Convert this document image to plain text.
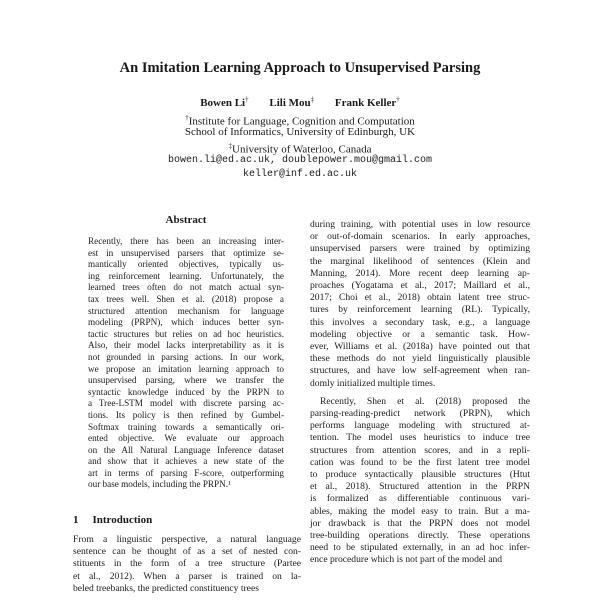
An Imitation Learning Approach to Unsupervised Parsing
Bowen Li† Lili Mou‡ Frank Keller†
†Institute for Language, Cognition and Computation
School of Informatics, University of Edinburgh, UK
‡University of Waterloo, Canada
bowen.li@ed.ac.uk, doublepower.mou@gmail.com
keller@inf.ed.ac.uk
Abstract
Recently, there has been an increasing inter-
est in unsupervised parsers that optimize se-
mantically oriented objectives, typically us-
ing reinforcement learning. Unfortunately, the
learned trees often do not match actual syn-
tax trees well. Shen et al. (2018) propose a
structured attention mechanism for language
modeling (PRPN), which induces better syn-
tactic structures but relies on ad hoc heuristics.
Also, their model lacks interpretability as it is
not grounded in parsing actions. In our work,
we propose an imitation learning approach to
unsupervised parsing, where we transfer the
syntactic knowledge induced by the PRPN to
a Tree-LSTM model with discrete parsing ac-
tions. Its policy is then refined by Gumbel-
Softmax training towards a semantically ori-
ented objective. We evaluate our approach
on the All Natural Language Inference dataset
and show that it achieves a new state of the
art in terms of parsing F-score, outperforming
our base models, including the PRPN.¹
1 Introduction
From a linguistic perspective, a natural language
sentence can be thought of as a set of nested con-
stituents in the form of a tree structure (Partee
et al., 2012). When a parser is trained on la-
beled treebanks, the predicted constituency trees
during training, with potential uses in low resource
or out-of-domain scenarios. In early approaches,
unsupervised parsers were trained by optimizing
the marginal likelihood of sentences (Klein and
Manning, 2014). More recent deep learning ap-
proaches (Yogatama et al., 2017; Maillard et al.,
2017; Choi et al., 2018) obtain latent tree struc-
tures by reinforcement learning (RL). Typically,
this involves a secondary task, e.g., a language
modeling objective or a semantic task. How-
ever, Williams et al. (2018a) have pointed out that
these methods do not yield linguistically plausible
structures, and have low self-agreement when ran-
domly initialized multiple times.
Recently, Shen et al. (2018) proposed the
parsing-reading-predict network (PRPN), which
performs language modeling with structured at-
tention. The model uses heuristics to induce tree
structures from attention scores, and in a repli-
cation was found to be the first latent tree model
to produce syntactically plausible structures (Htut
et al., 2018). Structured attention in the PRPN
is formalized as differentiable continuous vari-
ables, making the model easy to train. But a ma-
jor drawback is that the PRPN does not model
tree-building operations directly. These operations
need to be stipulated externally, in an ad hoc infer-
ence procedure which is not part of the model and
